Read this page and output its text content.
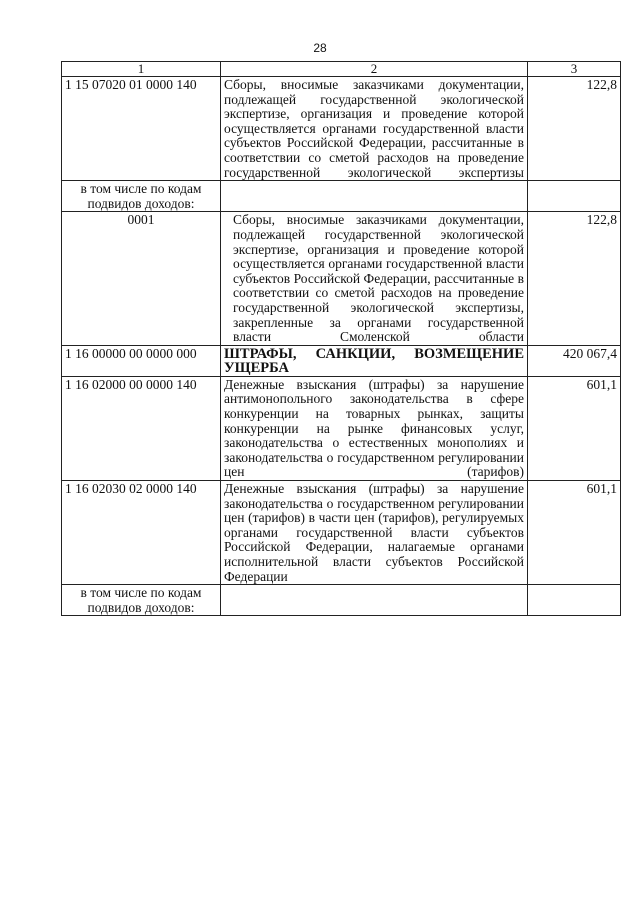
28
1	2	3
1 15 07020 01 0000 140	Сборы, вносимые заказчиками документации, подлежащей государственной экологической экспертизе, организация и проведение которой осуществляется органами государственной власти субъектов Российской Федерации, рассчитанные в соответствии со сметой расходов на проведение государственной экологической экспертизы	122,8
в том числе по кодам подвидов доходов:		
0001	Сборы, вносимые заказчиками документации, подлежащей государственной экологической экспертизе, организация и проведение которой осуществляется органами государственной власти субъектов Российской Федерации, рассчитанные в соответствии со сметой расходов на проведение государственной экологической экспертизы, закрепленные за органами государственной власти Смоленской области	122,8
1 16 00000 00 0000 000	ШТРАФЫ, САНКЦИИ, ВОЗМЕЩЕНИЕ УЩЕРБА	420 067,4
1 16 02000 00 0000 140	Денежные взыскания (штрафы) за нарушение антимонопольного законодательства в сфере конкуренции на товарных рынках, защиты конкуренции на рынке финансовых услуг, законодательства о естественных монополиях и законодательства о государственном регулировании цен (тарифов)	601,1
1 16 02030 02 0000 140	Денежные взыскания (штрафы) за нарушение законодательства о государственном регулировании цен (тарифов) в части цен (тарифов), регулируемых органами государственной власти субъектов Российской Федерации, налагаемые органами исполнительной власти субъектов Российской Федерации	601,1
в том числе по кодам подвидов доходов:		
